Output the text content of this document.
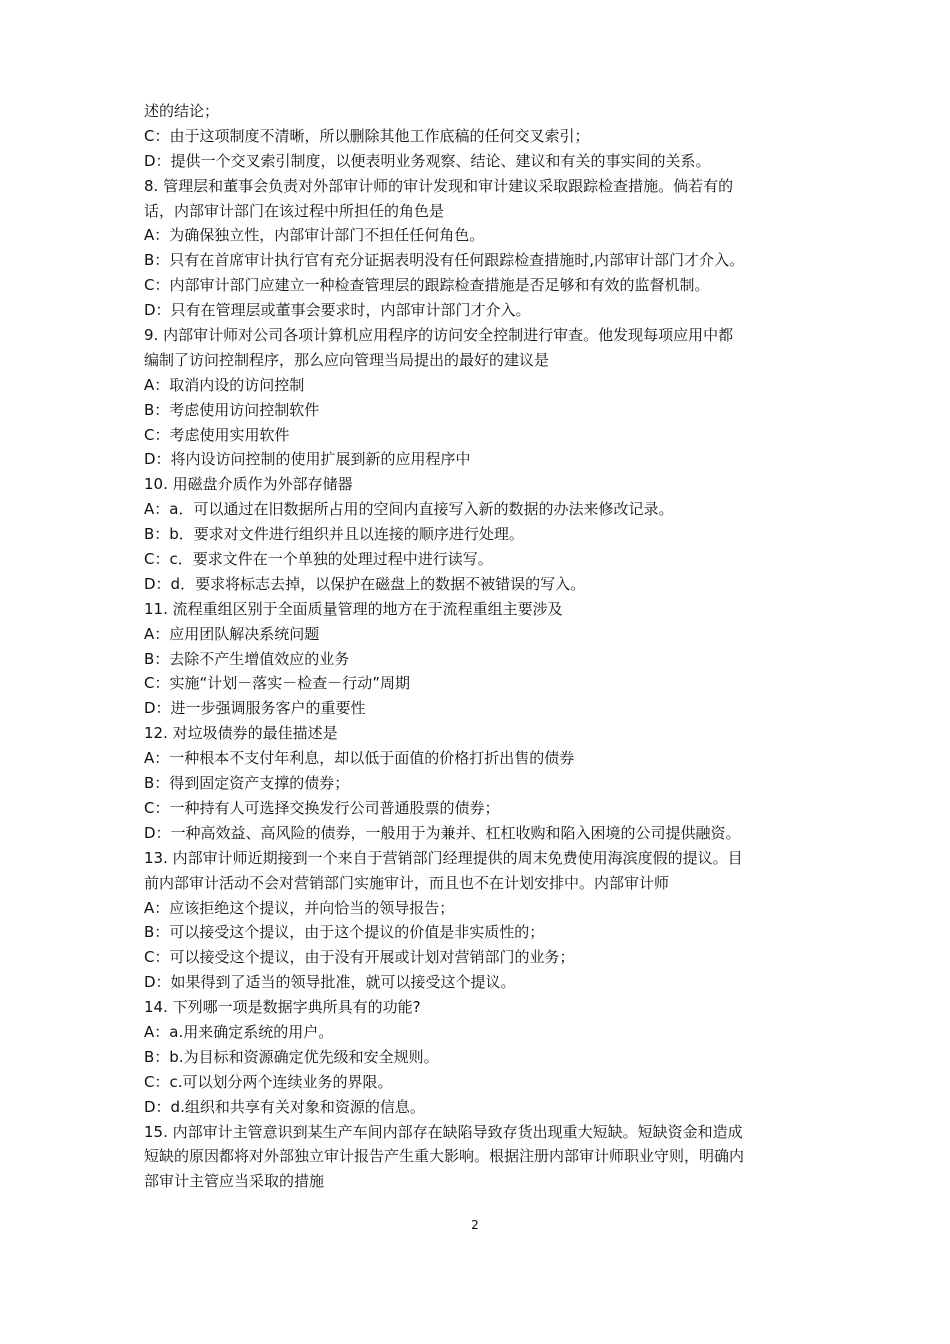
述的结论；
C：由于这项制度不清晰，所以删除其他工作底稿的任何交叉索引；
D：提供一个交叉索引制度，以便表明业务观察、结论、建议和有关的事实间的关系。
8. 管理层和董事会负责对外部审计师的审计发现和审计建议采取跟踪检查措施。倘若有的
话，内部审计部门在该过程中所担任的角色是
A：为确保独立性，内部审计部门不担任任何角色。
B：只有在首席审计执行官有充分证据表明没有任何跟踪检查措施时,内部审计部门才介入。
C：内部审计部门应建立一种检查管理层的跟踪检查措施是否足够和有效的监督机制。
D：只有在管理层或董事会要求时，内部审计部门才介入。
9. 内部审计师对公司各项计算机应用程序的访问安全控制进行审查。他发现每项应用中都
编制了访问控制程序，那么应向管理当局提出的最好的建议是
A：取消内设的访问控制
B：考虑使用访问控制软件
C：考虑使用实用软件
D：将内设访问控制的使用扩展到新的应用程序中
10. 用磁盘介质作为外部存储器
A：a．可以通过在旧数据所占用的空间内直接写入新的数据的办法来修改记录。
B：b．要求对文件进行组织并且以连接的顺序进行处理。
C：c．要求文件在一个单独的处理过程中进行读写。
D：d．要求将标志去掉，以保护在磁盘上的数据不被错误的写入。
11. 流程重组区别于全面质量管理的地方在于流程重组主要涉及
A：应用团队解决系统问题
B：去除不产生增值效应的业务
C：实施“计划－落实－检查－行动”周期
D：进一步强调服务客户的重要性
12. 对垃圾债券的最佳描述是
A：一种根本不支付年利息，却以低于面值的价格打折出售的债券
B：得到固定资产支撑的债券；
C：一种持有人可选择交换发行公司普通股票的债券；
D：一种高效益、高风险的债券，一般用于为兼并、杠杠收购和陷入困境的公司提供融资。
13. 内部审计师近期接到一个来自于营销部门经理提供的周末免费使用海滨度假的提议。目
前内部审计活动不会对营销部门实施审计，而且也不在计划安排中。内部审计师
A：应该拒绝这个提议，并向恰当的领导报告；
B：可以接受这个提议，由于这个提议的价值是非实质性的；
C：可以接受这个提议，由于没有开展或计划对营销部门的业务；
D：如果得到了适当的领导批准，就可以接受这个提议。
14. 下列哪一项是数据字典所具有的功能?
A：a.用来确定系统的用户。
B：b.为目标和资源确定优先级和安全规则。
C：c.可以划分两个连续业务的界限。
D：d.组织和共享有关对象和资源的信息。
15. 内部审计主管意识到某生产车间内部存在缺陷导致存货出现重大短缺。短缺资金和造成
短缺的原因都将对外部独立审计报告产生重大影响。根据注册内部审计师职业守则，明确内
部审计主管应当采取的措施
2
